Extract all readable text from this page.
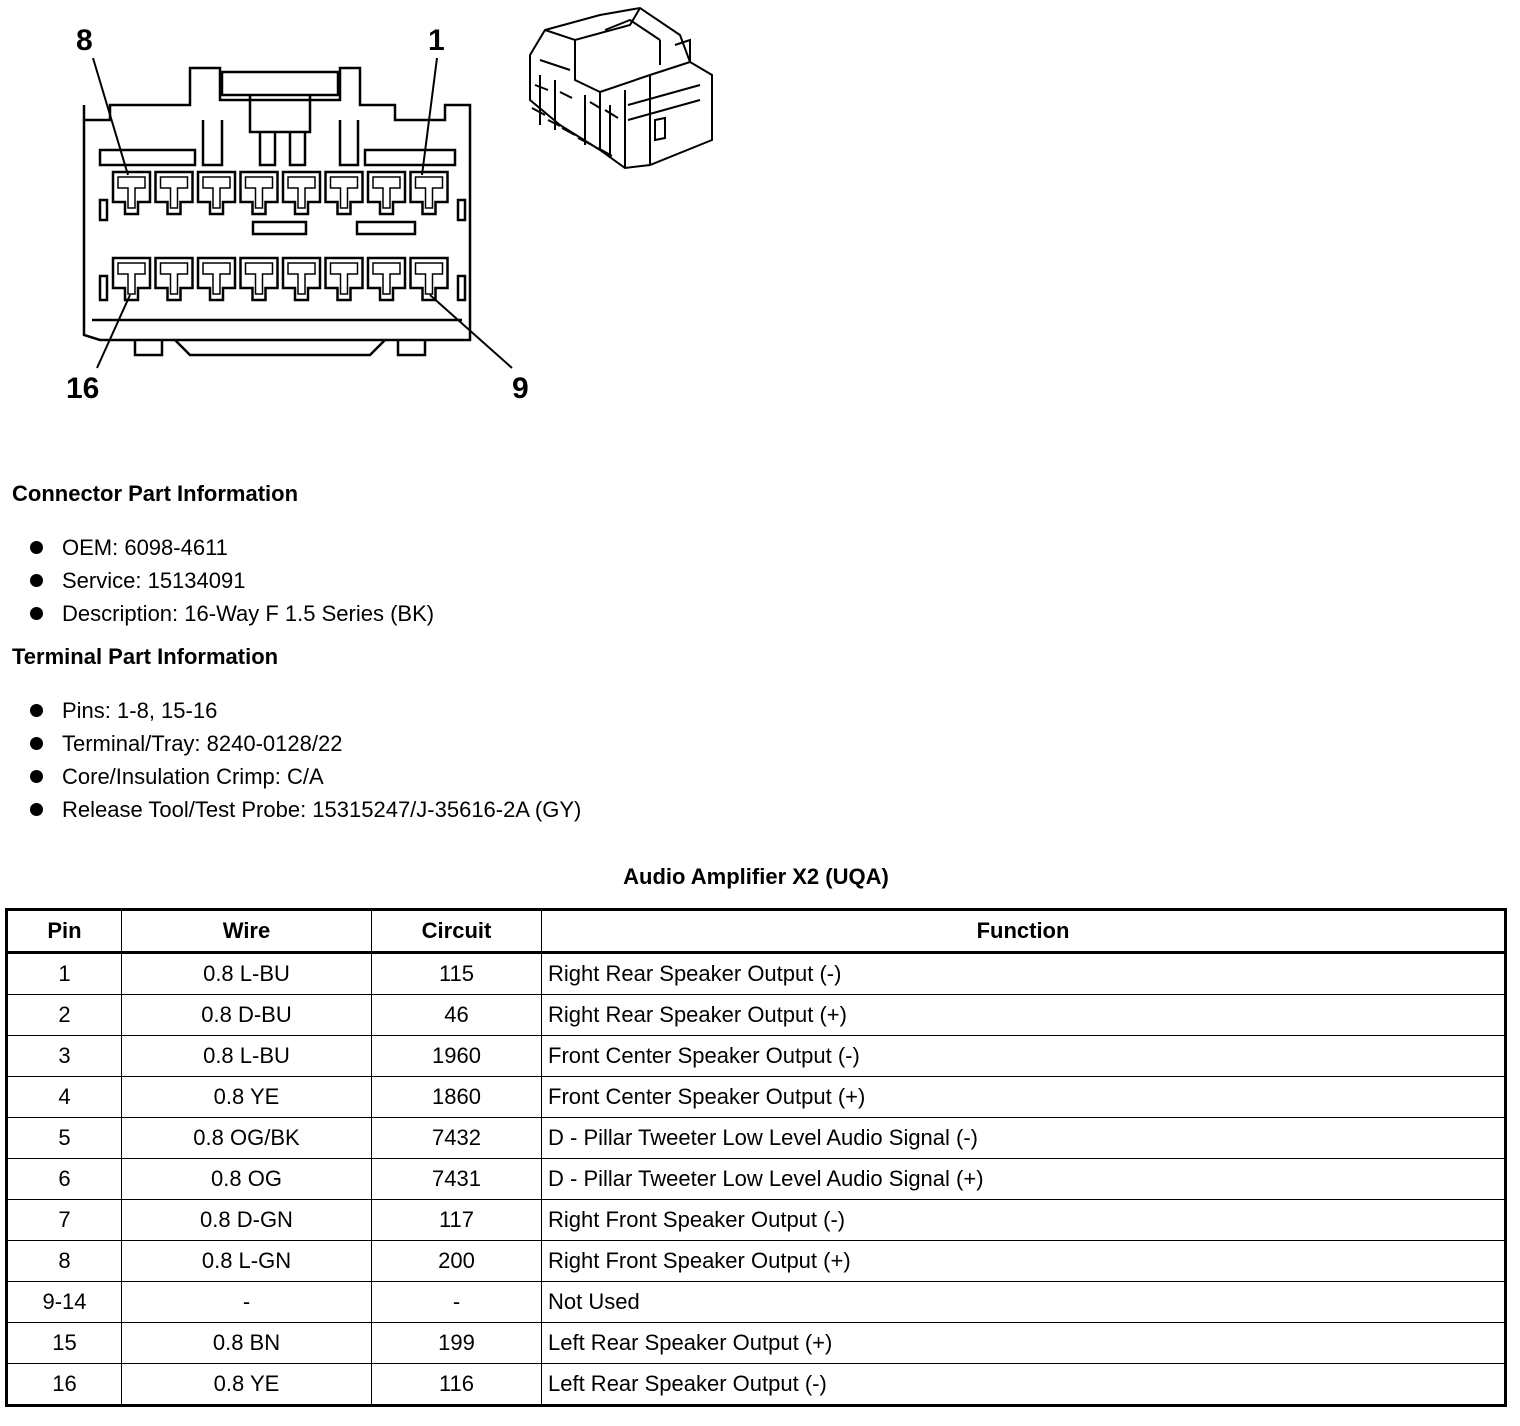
8	1
16	9
Connector Part Information
OEM: 6098-4611
Service: 15134091
Description: 16-Way F 1.5 Series (BK)
Terminal Part Information
Pins: 1-8, 15-16
Terminal/Tray: 8240-0128/22
Core/Insulation Crimp: C/A
Release Tool/Test Probe: 15315247/J-35616-2A (GY)
Audio Amplifier X2 (UQA)
Pin	Wire	Circuit	Function
1	0.8 L-BU	115	Right Rear Speaker Output (-)
2	0.8 D-BU	46	Right Rear Speaker Output (+)
3	0.8 L-BU	1960	Front Center Speaker Output (-)
4	0.8 YE	1860	Front Center Speaker Output (+)
5	0.8 OG/BK	7432	D - Pillar Tweeter Low Level Audio Signal (-)
6	0.8 OG	7431	D - Pillar Tweeter Low Level Audio Signal (+)
7	0.8 D-GN	117	Right Front Speaker Output (-)
8	0.8 L-GN	200	Right Front Speaker Output (+)
9-14	-	-	Not Used
15	0.8 BN	199	Left Rear Speaker Output (+)
16	0.8 YE	116	Left Rear Speaker Output (-)
